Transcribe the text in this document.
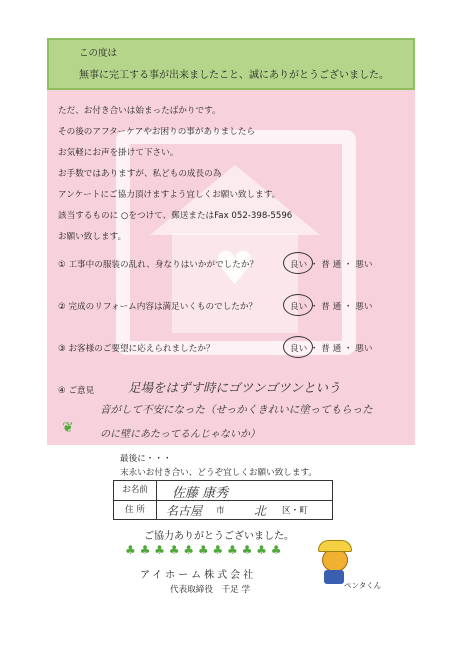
この度は
無事に完工する事が出来ましたこと、誠にありがとうございました。
♥
ただ、お付き合いは始まったばかりです。
その後のアフターケアやお困りの事がありましたら
お気軽にお声を掛けて下さい。
お手数ではありますが、私どもの成長の為
アンケートにご協力頂けますよう宜しくお願い致します。
該当するものに ○をつけて、郵送またはFax 052-398-5596
お願い致します。
① 工事中の服装の乱れ、身なりはいかがでしたか？	良い ・ 普 通 ・ 悪い
② 完成のリフォーム内容は満足いくものでしたか？	良い ・ 普 通 ・ 悪い
③ お客様のご要望に応えられましたか？	良い ・ 普 通 ・ 悪い
④ ご意見	足場をはずす時にゴツンゴツンという
音がして不安になった（せっかくきれいに塗ってもらった
のに壁にあたってるんじゃないか）
❦
最後に・・・
末永いお付き合い、どうぞ宜しくお願い致します。
お名前	佐藤 康秀
住 所	名古屋 市 北 区・町
ご協力ありがとうございました。
♣ ♣ ♣ ♣ ♣ ♣ ♣ ♣ ♣ ♣ ♣
アイホーム株式会社
代表取締役　千足 学	ペンタくん
